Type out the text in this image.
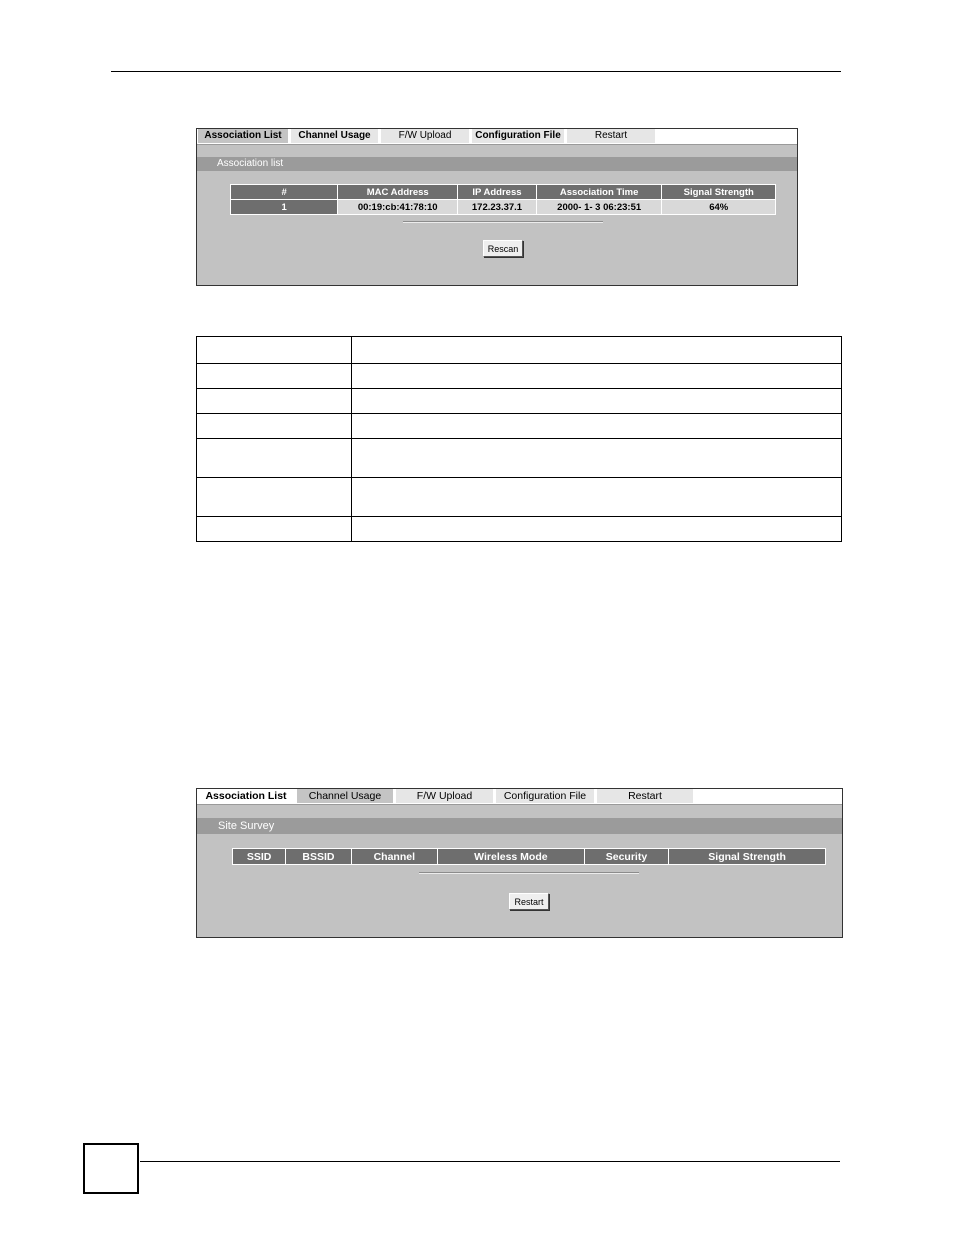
Association List	Channel Usage	F/W Upload	Configuration File	Restart
Association list
#	MAC Address	IP Address	Association Time	Signal Strength
1	00:19:cb:41:78:10	172.23.37.1	2000- 1- 3 06:23:51	64%
Rescan

Association List	Channel Usage	F/W Upload	Configuration File	Restart
Site Survey
SSID	BSSID	Channel	Wireless Mode	Security	Signal Strength
Restart
